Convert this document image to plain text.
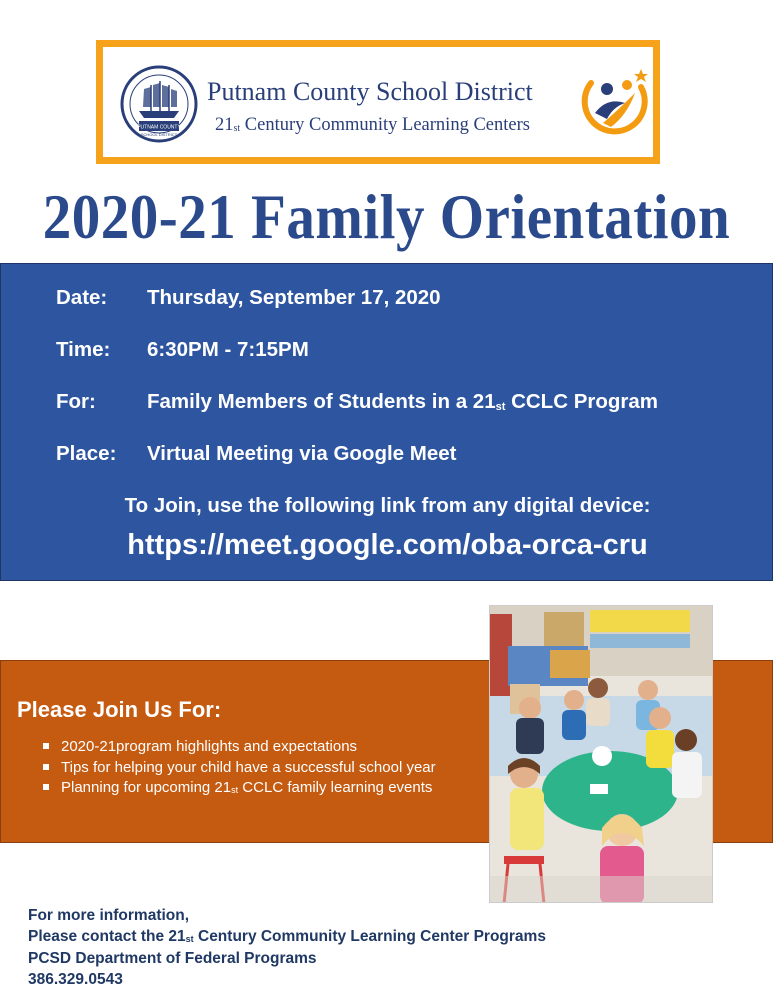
PUTNAM COUNTY
SCHOOL DISTRICT
Putnam County School District
$21_{st}$ Century Community Learning Centers
2020-21 Family Orientation
Date:	Thursday, September 17, 2020
Time:	6:30PM - 7:15PM
For:	Family Members of Students in a $21_{st}$ CCLC Program
Place:	Virtual Meeting via Google Meet
To Join, use the following link from any digital device:
https://meet.google.com/oba-orca-cru
Please Join Us For:
2020-21program highlights and expectations
Tips for helping your child have a successful school year
Planning for upcoming $21_{st}$ CCLC family learning events
For more information,
Please contact the $21_{st}$ Century Community Learning Center Programs
PCSD Department of Federal Programs
386.329.0543
